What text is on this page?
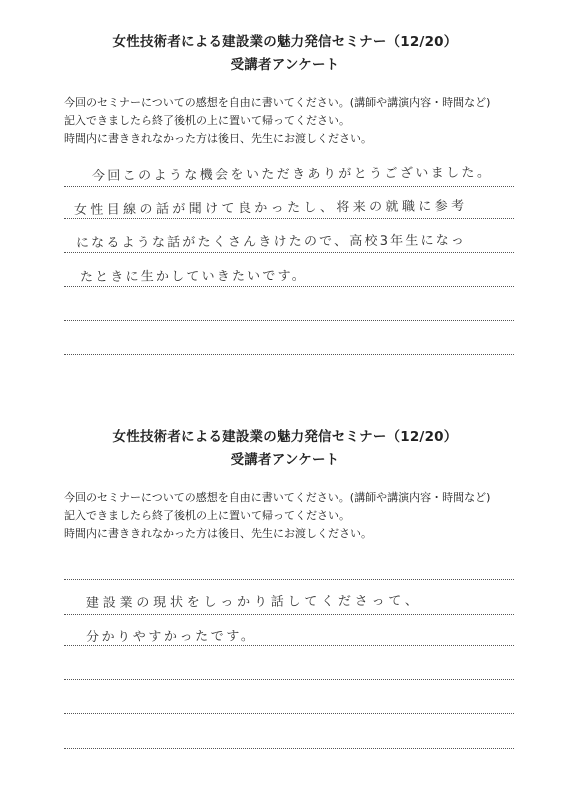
女性技術者による建設業の魅力発信セミナー（12/20）
受講者アンケート
今回のセミナーについての感想を自由に書いてください。(講師や講演内容・時間など)
記入できましたら終了後机の上に置いて帰ってください。
時間内に書ききれなかった方は後日、先生にお渡しください。
今回このような機会をいただきありがとうございました。
女性目線の話が聞けて良かったし、将来の就職に参考
になるような話がたくさんきけたので、高校3年生になっ
たときに生かしていきたいです。
女性技術者による建設業の魅力発信セミナー（12/20）
受講者アンケート
今回のセミナーについての感想を自由に書いてください。(講師や講演内容・時間など)
記入できましたら終了後机の上に置いて帰ってください。
時間内に書ききれなかった方は後日、先生にお渡しください。
建設業の現状をしっかり話してくださって、
分かりやすかったです。
